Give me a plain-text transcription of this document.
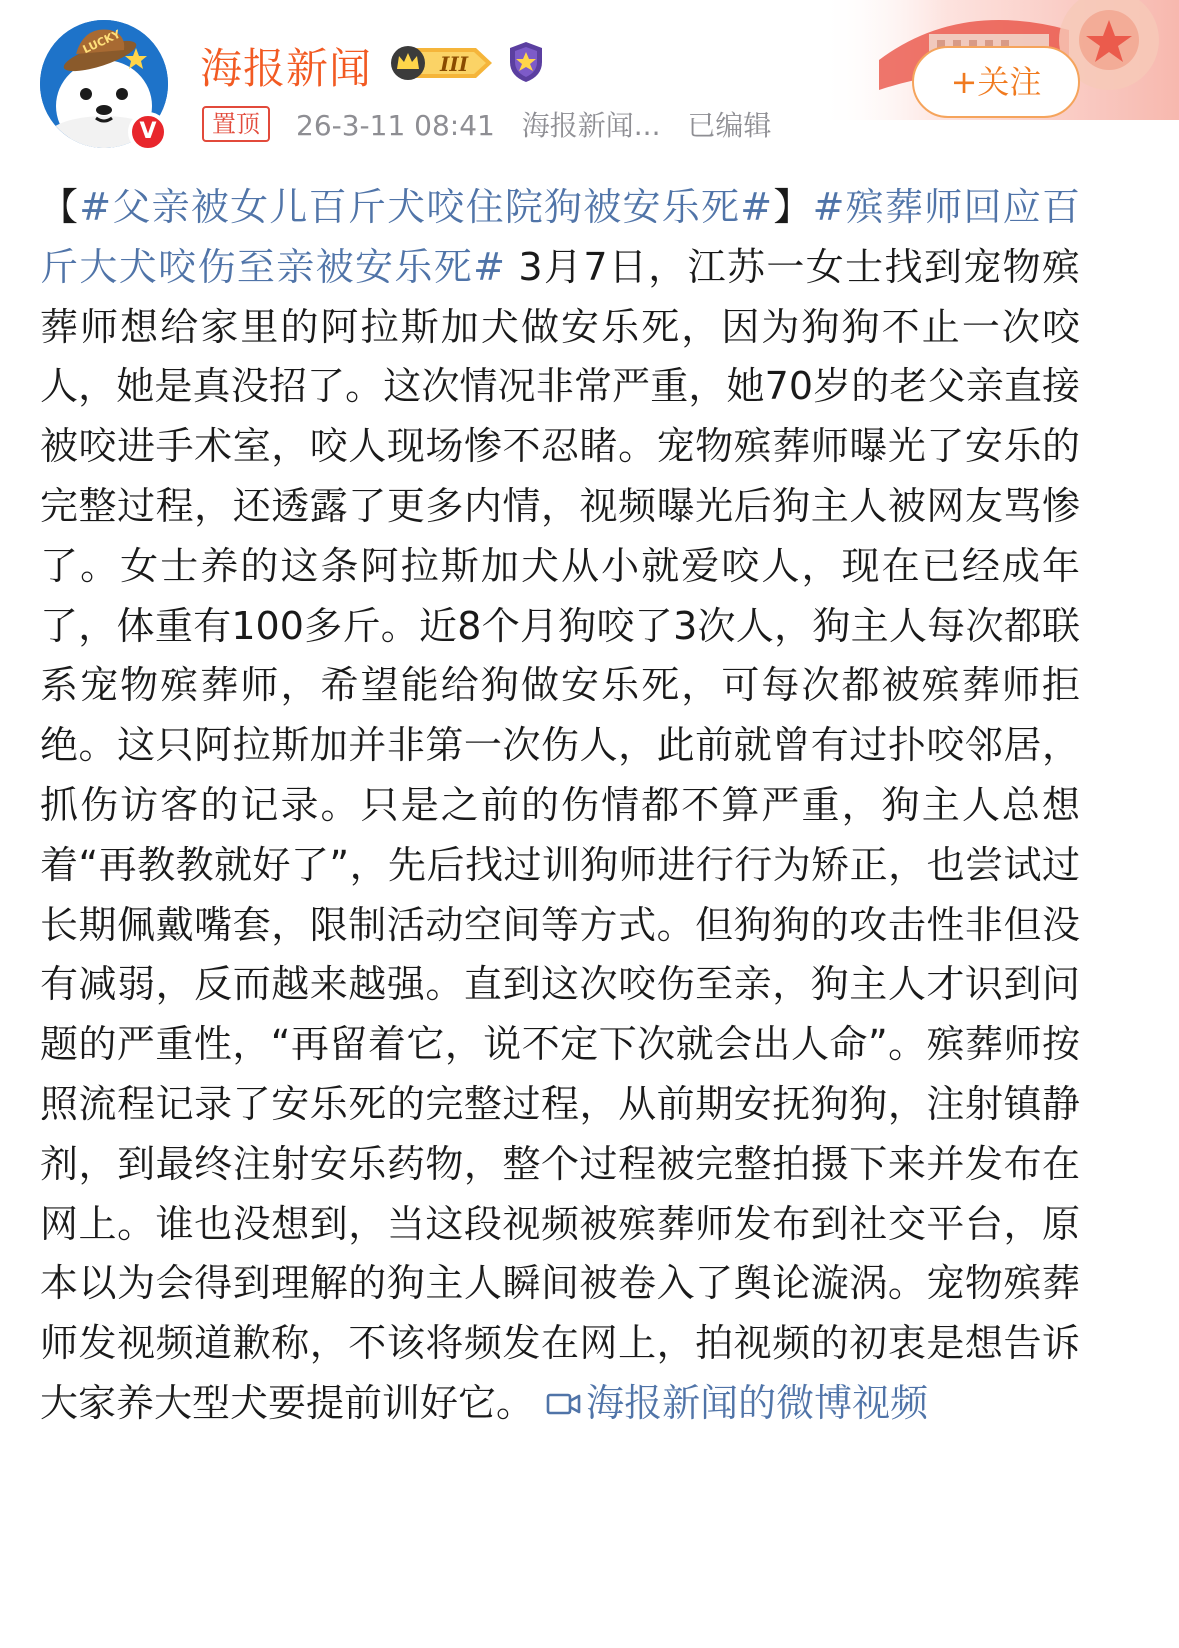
LUCKY
V
海报新闻	III
置顶	26-3-11 08:41 海报新闻... 已编辑
+关注
【#父亲被女儿百斤犬咬住院狗被安乐死#】#殡葬师回应百斤大犬咬伤至亲被安乐死# 3月7日，江苏一女士找到宠物殡葬师想给家里的阿拉斯加犬做安乐死，因为狗狗不止一次咬人，她是真没招了。这次情况非常严重，她70岁的老父亲直接被咬进手术室，咬人现场惨不忍睹。宠物殡葬师曝光了安乐的完整过程，还透露了更多内情，视频曝光后狗主人被网友骂惨了。女士养的这条阿拉斯加犬从小就爱咬人，现在已经成年了，体重有100多斤。近8个月狗咬了3次人，狗主人每次都联系宠物殡葬师，希望能给狗做安乐死，可每次都被殡葬师拒绝。这只阿拉斯加并非第一次伤人，此前就曾有过扑咬邻居，抓伤访客的记录。只是之前的伤情都不算严重，狗主人总想着“再教教就好了”，先后找过训狗师进行行为矫正，也尝试过长期佩戴嘴套，限制活动空间等方式。但狗狗的攻击性非但没有减弱，反而越来越强。直到这次咬伤至亲，狗主人才识到问题的严重性，“再留着它，说不定下次就会出人命”。殡葬师按照流程记录了安乐死的完整过程，从前期安抚狗狗，注射镇静剂，到最终注射安乐药物，整个过程被完整拍摄下来并发布在网上。谁也没想到，当这段视频被殡葬师发布到社交平台，原本以为会得到理解的狗主人瞬间被卷入了舆论漩涡。宠物殡葬师发视频道歉称，不该将频发在网上，拍视频的初衷是想告诉大家养大型犬要提前训好它。 海报新闻的微博视频
